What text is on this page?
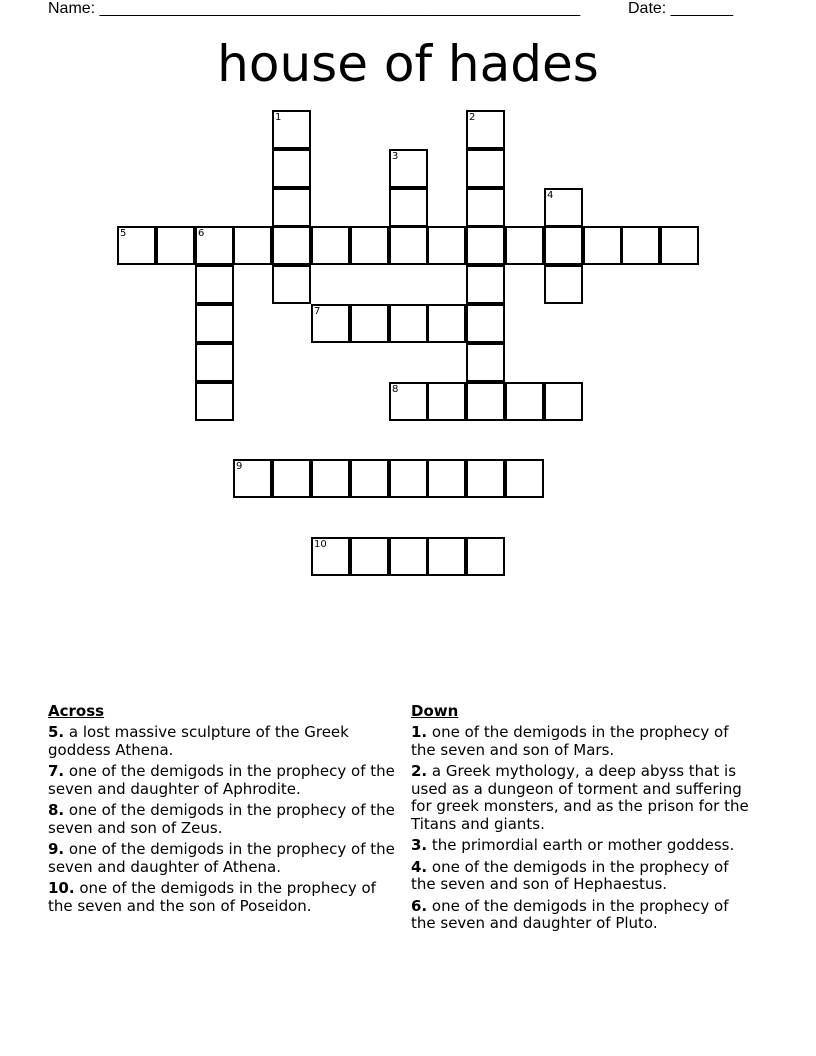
Name: ______________________________________________________

	Date: _______

house of hades
1	2
3
4
5	6
7
8
9
10
Across
5. a lost massive sculpture of the Greek goddess Athena.
7. one of the demigods in the prophecy of the seven and daughter of Aphrodite.
8. one of the demigods in the prophecy of the seven and son of Zeus.
9. one of the demigods in the prophecy of the seven and daughter of Athena.
10. one of the demigods in the prophecy of the seven and the son of Poseidon.
Down
1. one of the demigods in the prophecy of the seven and son of Mars.
2. a Greek mythology, a deep abyss that is used as a dungeon of torment and suffering for greek monsters, and as the prison for the Titans and giants.
3. the primordial earth or mother goddess.
4. one of the demigods in the prophecy of the seven and son of Hephaestus.
6. one of the demigods in the prophecy of the seven and daughter of Pluto.
